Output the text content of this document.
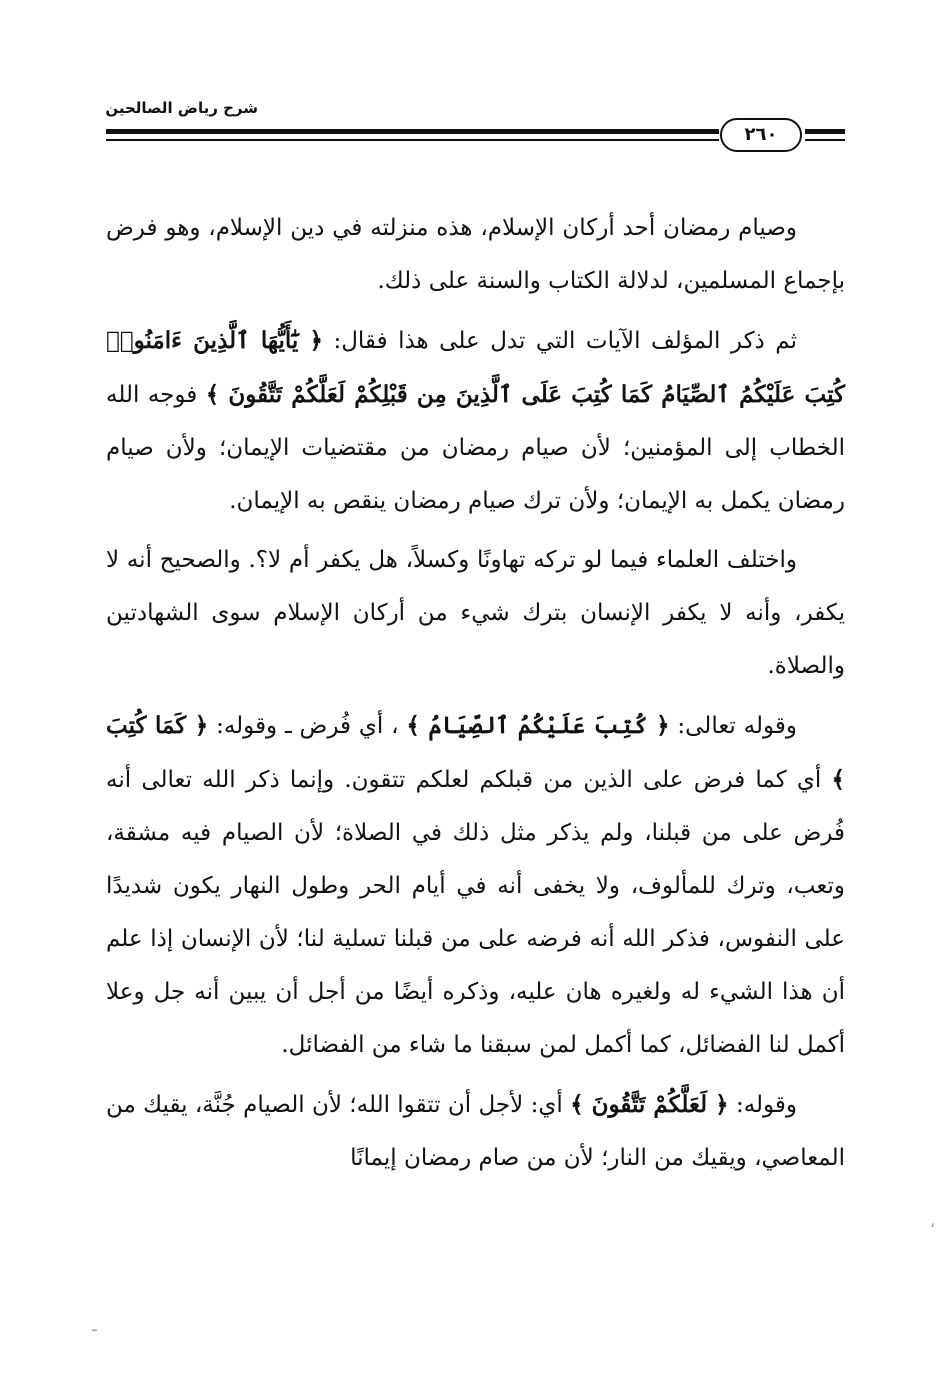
شرح رياض الصالحين
٢٦٠

وصيام رمضان أحد أركان الإسلام، هذه منزلته في دين الإسلام، وهو فرض بإجماع المسلمين، لدلالة الكتاب والسنة على ذلك.

ثم ذكر المؤلف الآيات التي تدل على هذا فقال: ﴿ يَٰٓأَيُّهَا ٱلَّذِينَ ءَامَنُوا۟ كُتِبَ عَلَيْكُمُ ٱلصِّيَامُ كَمَا كُتِبَ عَلَى ٱلَّذِينَ مِن قَبْلِكُمْ لَعَلَّكُمْ تَتَّقُونَ ﴾ فوجه الله الخطاب إلى المؤمنين؛ لأن صيام رمضان من مقتضيات الإيمان؛ ولأن صيام رمضان يكمل به الإيمان؛ ولأن ترك صيام رمضان ينقص به الإيمان.

واختلف العلماء فيما لو تركه تهاونًا وكسلاً، هل يكفر أم لا؟. والصحيح أنه لا يكفر، وأنه لا يكفر الإنسان بترك شيء من أركان الإسلام سوى الشهادتين والصلاة.

وقوله تعالى: ﴿ كُتِبَ عَلَيْكُمُ ٱلصِّيَامُ ﴾ ، أي فُرض ـ وقوله: ﴿ كَمَا كُتِبَ ﴾ أي كما فرض على الذين من قبلكم لعلكم تتقون. وإنما ذكر الله تعالى أنه فُرض على من قبلنا، ولم يذكر مثل ذلك في الصلاة؛ لأن الصيام فيه مشقة، وتعب، وترك للمألوف، ولا يخفى أنه في أيام الحر وطول النهار يكون شديدًا على النفوس، فذكر الله أنه فرضه على من قبلنا تسلية لنا؛ لأن الإنسان إذا علم أن هذا الشيء له ولغيره هان عليه، وذكره أيضًا من أجل أن يبين أنه جل وعلا أكمل لنا الفضائل، كما أكمل لمن سبقنا ما شاء من الفضائل.

وقوله: ﴿ لَعَلَّكُمْ تَتَّقُونَ ﴾ أي: لأجل أن تتقوا الله؛ لأن الصيام جُنَّة، يقيك من المعاصي، ويقيك من النار؛ لأن من صام رمضان إيمانًا

،
ـ
